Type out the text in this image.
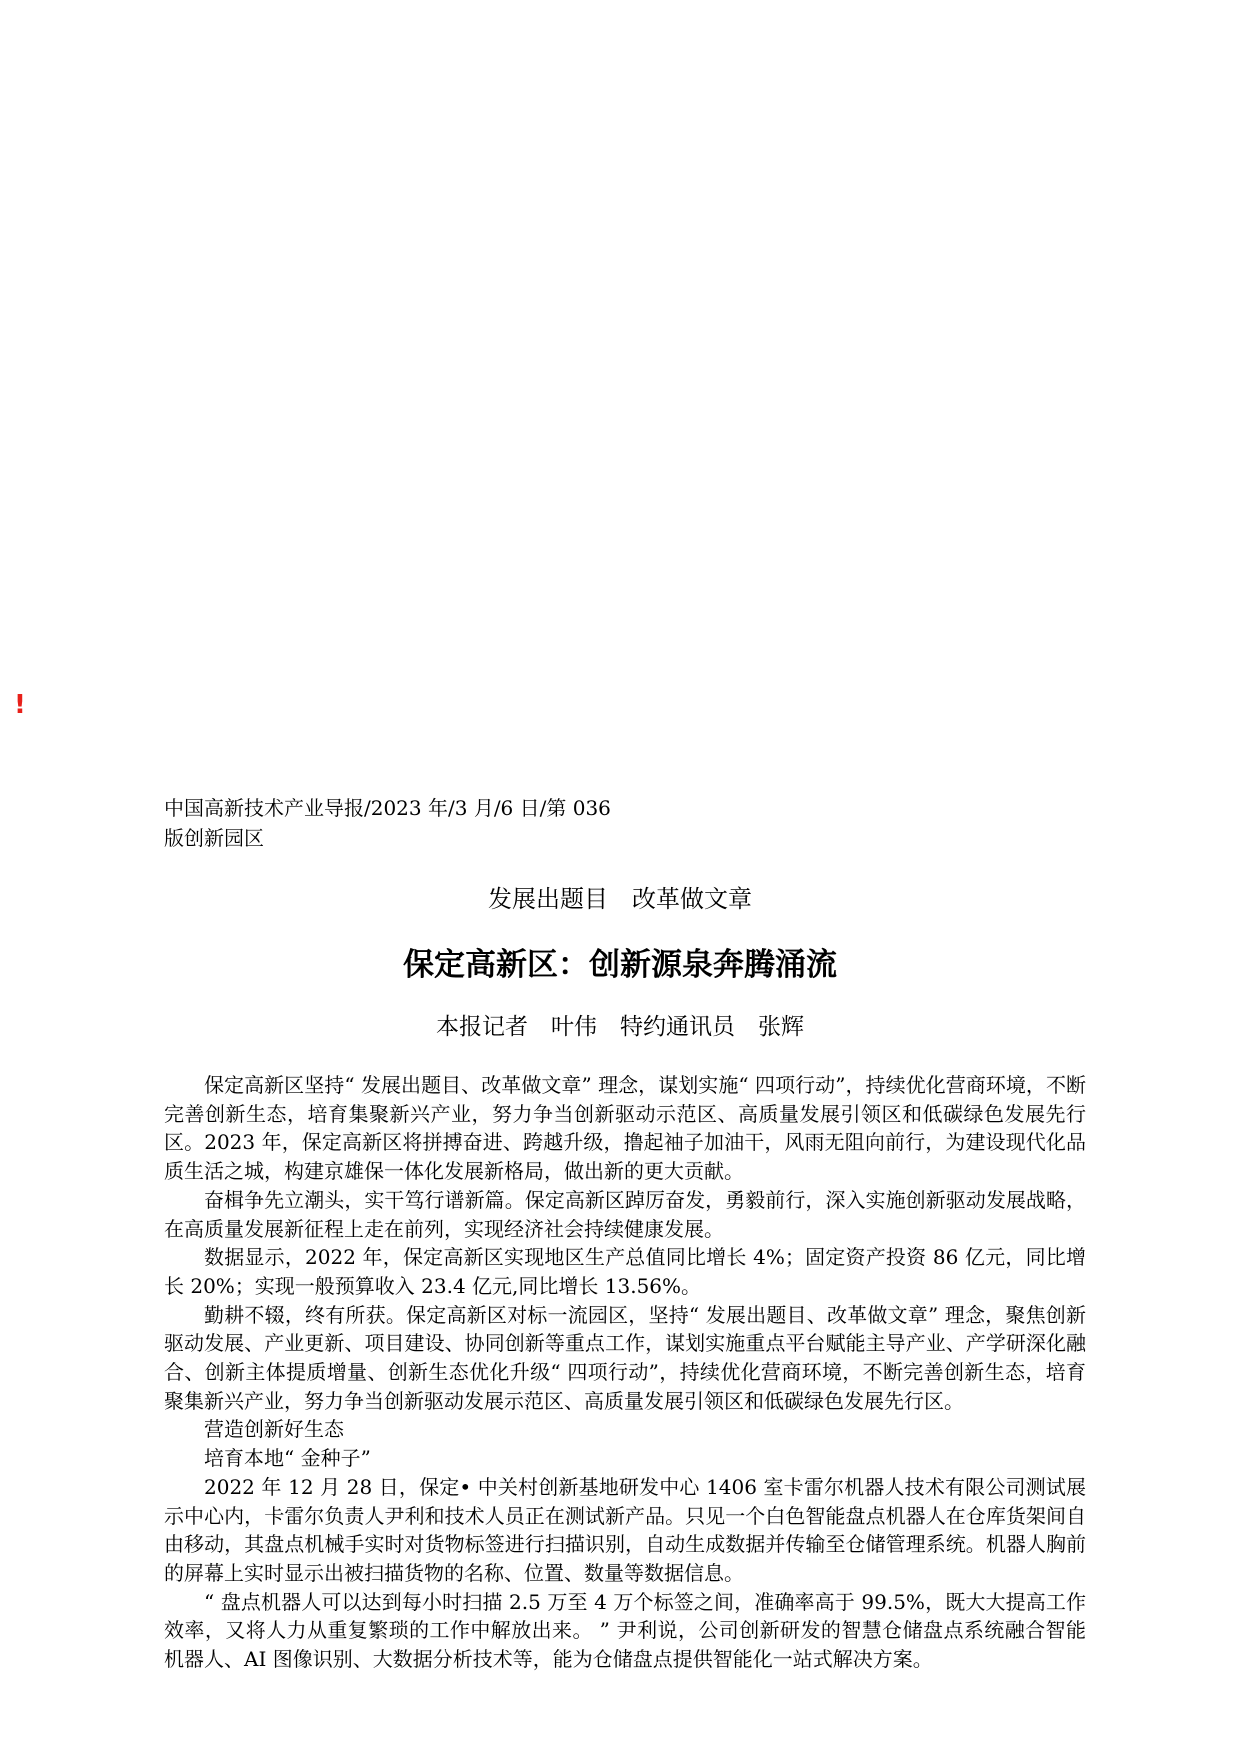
!
中国高新技术产业导报/2023 年/3 月/6 日/第 036 版创新园区
发展出题目　改革做文章
保定高新区：创新源泉奔腾涌流
本报记者　叶伟　特约通讯员　张辉

保定高新区坚持“ 发展出题目、改革做文章” 理念，谋划实施“ 四项行动”，持续优化营商环境，不断完善创新生态，培育集聚新兴产业，努力争当创新驱动示范区、高质量发展引领区和低碳绿色发展先行区。2023 年，保定高新区将拼搏奋进、跨越升级，撸起袖子加油干，风雨无阻向前行，为建设现代化品质生活之城，构建京雄保一体化发展新格局，做出新的更大贡献。

奋楫争先立潮头，实干笃行谱新篇。保定高新区踔厉奋发，勇毅前行，深入实施创新驱动发展战略，在高质量发展新征程上走在前列，实现经济社会持续健康发展。

数据显示，2022 年，保定高新区实现地区生产总值同比增长 4%；固定资产投资 86 亿元，同比增长 20%；实现一般预算收入 23.4 亿元,同比增长 13.56%。

勤耕不辍，终有所获。保定高新区对标一流园区，坚持“ 发展出题目、改革做文章” 理念，聚焦创新驱动发展、产业更新、项目建设、协同创新等重点工作，谋划实施重点平台赋能主导产业、产学研深化融合、创新主体提质增量、创新生态优化升级“ 四项行动”，持续优化营商环境，不断完善创新生态，培育聚集新兴产业，努力争当创新驱动发展示范区、高质量发展引领区和低碳绿色发展先行区。

营造创新好生态

培育本地“ 金种子”

2022 年 12 月 28 日，保定• 中关村创新基地研发中心 1406 室卡雷尔机器人技术有限公司测试展示中心内，卡雷尔负责人尹利和技术人员正在测试新产品。只见一个白色智能盘点机器人在仓库货架间自由移动，其盘点机械手实时对货物标签进行扫描识别，自动生成数据并传输至仓储管理系统。机器人胸前的屏幕上实时显示出被扫描货物的名称、位置、数量等数据信息。

“ 盘点机器人可以达到每小时扫描 2.5 万至 4 万个标签之间，准确率高于 99.5%，既大大提高工作效率，又将人力从重复繁琐的工作中解放出来。 ” 尹利说，公司创新研发的智慧仓储盘点系统融合智能机器人、AI 图像识别、大数据分析技术等，能为仓储盘点提供智能化一站式解决方案。
